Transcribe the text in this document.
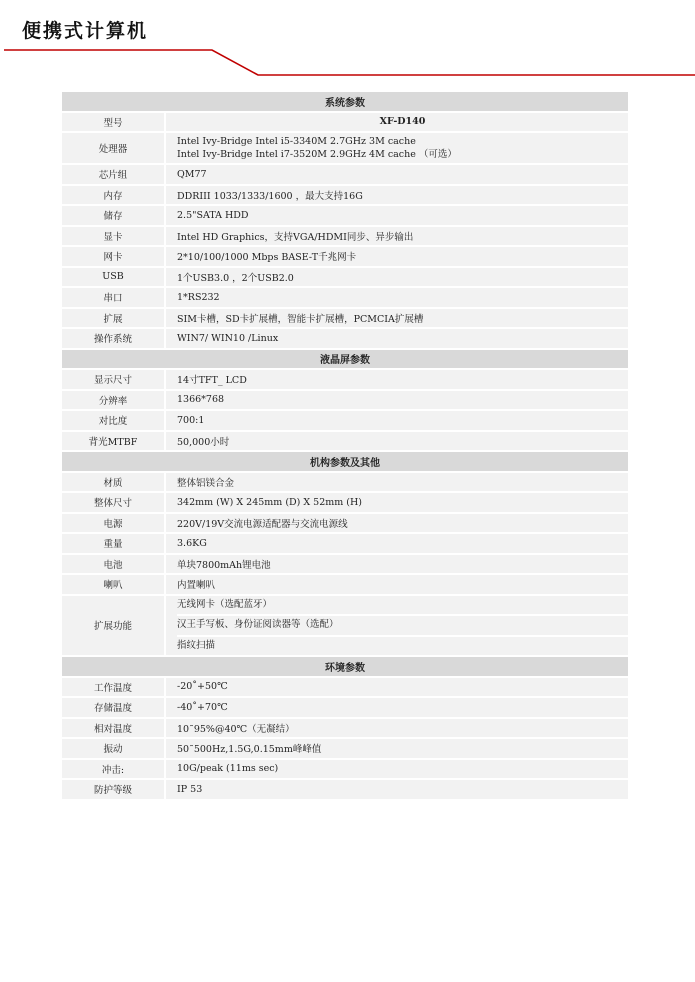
便携式计算机
系统参数	
型号	XF-D140
处理器	Intel Ivy-Bridge Intel i5-3340M 2.7GHz 3M cache
Intel Ivy-Bridge Intel i7-3520M 2.9GHz 4M cache （可选）

芯片组	QM77
内存	DDRIII 1033/1333/1600 ，最大支持16G
储存	2.5"SATA HDD
显卡	Intel HD Graphics，支持VGA/HDMI同步、异步输出
网卡	2*10/100/1000 Mbps BASE-T千兆网卡
USB	1个USB3.0 ，2个USB2.0
串口	1*RS232
扩展	SIM卡槽，SD卡扩展槽，智能卡扩展槽，PCMCIA扩展槽
操作系统	WIN7/ WIN10 /Linux
液晶屏参数	
显示尺寸	14寸TFT_ LCD
分辨率	1366*768
对比度	700:1
背光MTBF	50,000小时
机构参数及其他	
材质	整体铝镁合金
整体尺寸	342mm (W) X 245mm (D) X 52mm (H)
电源	220V/19V交流电源适配器与交流电源线
重量	3.6KG
电池	单块7800mAh锂电池
喇叭	内置喇叭
扩展功能	无线网卡（选配蓝牙）
汉王手写板、身份证阅读器等（选配）
指纹扫描

环境参数	
工作温度	-20˚+50℃
存储温度	-40˚+70℃
相对温度	10˜95%@40℃（无凝结）
振动	50˜500Hz,1.5G,0.15mm峰峰值
冲击:	10G/peak (11ms sec)
防护等级	IP 53
